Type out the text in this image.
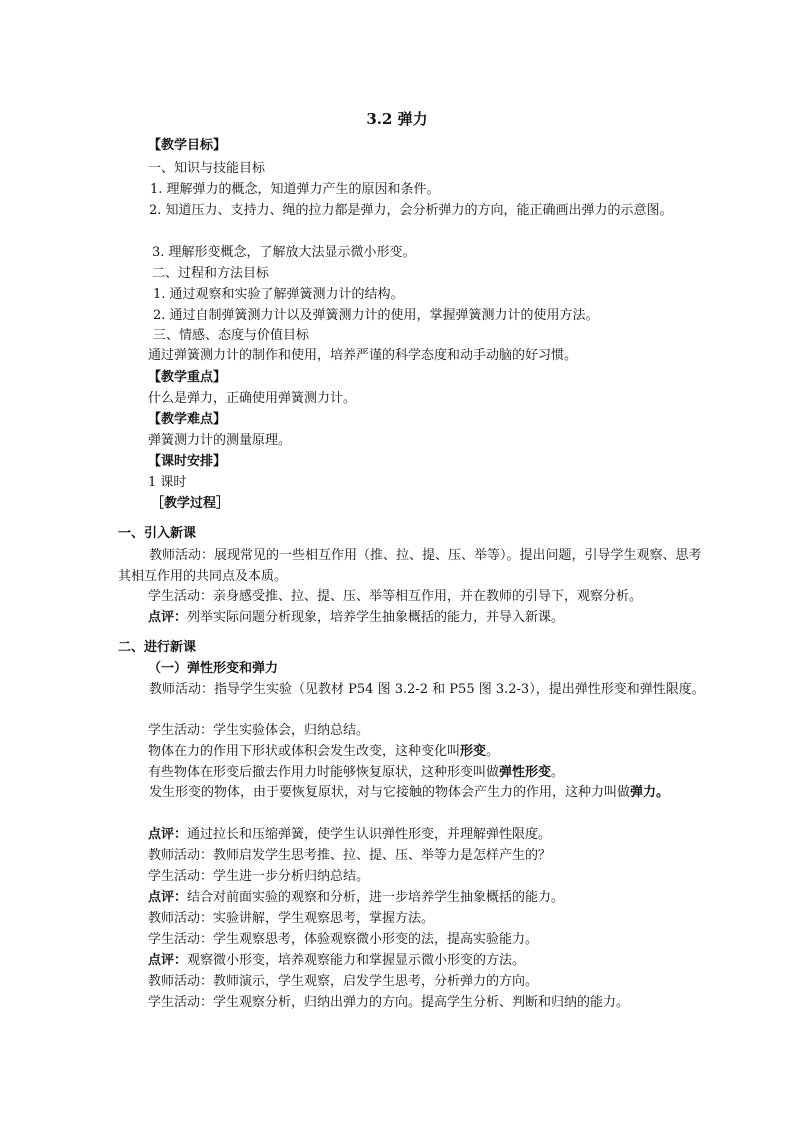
3.2 弹力
【教学目标】
一、知识与技能目标
1. 理解弹力的概念，知道弹力产生的原因和条件。
2. 知道压力、支持力、绳的拉力都是弹力，会分析弹力的方向，能正确画出弹力的示意图。
3. 理解形变概念，了解放大法显示微小形变。
二、过程和方法目标
1. 通过观察和实验了解弹簧测力计的结构。
2. 通过自制弹簧测力计以及弹簧测力计的使用，掌握弹簧测力计的使用方法。
三、情感、态度与价值目标
通过弹簧测力计的制作和使用，培养严谨的科学态度和动手动脑的好习惯。
【教学重点】
什么是弹力，正确使用弹簧测力计。
【教学难点】
弹簧测力计的测量原理。
【课时安排】
1 课时
［教学过程］
一、引入新课
教师活动：展现常见的一些相互作用（推、拉、提、压、举等）。提出问题，引导学生观察、思考其相互作用的共同点及本质。
学生活动：亲身感受推、拉、提、压、举等相互作用，并在教师的引导下，观察分析。
点评：列举实际问题分析现象，培养学生抽象概括的能力，并导入新课。
二、进行新课
（一）弹性形变和弹力
教师活动：指导学生实验（见教材 P54 图 3.2-2 和 P55 图 3.2-3），提出弹性形变和弹性限度。
学生活动：学生实验体会，归纳总结。
物体在力的作用下形状或体积会发生改变，这种变化叫形变。
有些物体在形变后撤去作用力时能够恢复原状，这种形变叫做弹性形变。
发生形变的物体，由于要恢复原状，对与它接触的物体会产生力的作用，这种力叫做弹力。
点评：通过拉长和压缩弹簧，使学生认识弹性形变，并理解弹性限度。
教师活动：教师启发学生思考推、拉、提、压、举等力是怎样产生的？
学生活动：学生进一步分析归纳总结。
点评：结合对前面实验的观察和分析，进一步培养学生抽象概括的能力。
教师活动：实验讲解，学生观察思考，掌握方法。
学生活动：学生观察思考，体验观察微小形变的法，提高实验能力。
点评：观察微小形变，培养观察能力和掌握显示微小形变的方法。
教师活动：教师演示，学生观察，启发学生思考，分析弹力的方向。
学生活动：学生观察分析，归纳出弹力的方向。提高学生分析、判断和归纳的能力。
